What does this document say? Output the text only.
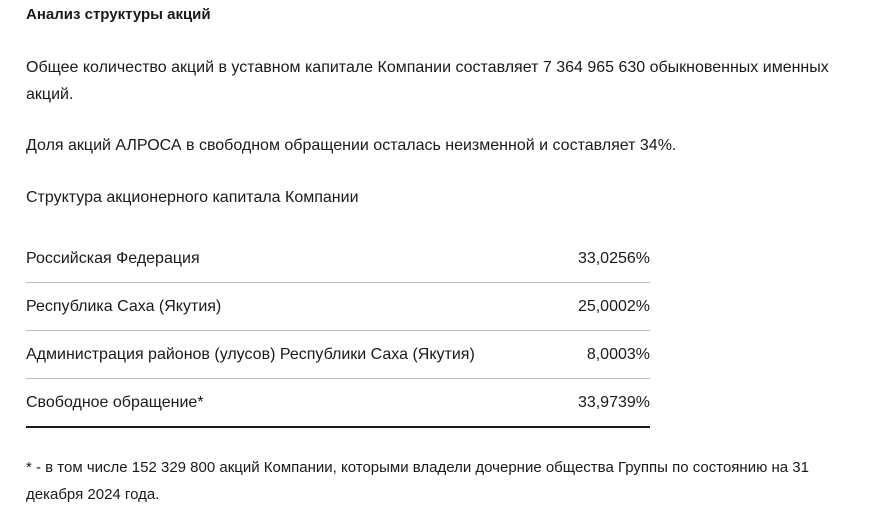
Анализ структуры акций
Общее количество акций в уставном капитале Компании составляет 7 364 965 630 обыкновенных именных акций.
Доля акций АЛРОСА в свободном обращении осталась неизменной и составляет 34%.
Структура акционерного капитала Компании
Российская Федерация	33,0256%
Республика Саха (Якутия)	25,0002%
Администрация районов (улусов) Республики Саха (Якутия)	8,0003%
Свободное обращение*	33,9739%
* - в том числе 152 329 800 акций Компании, которыми владели дочерние общества Группы по состоянию на 31 декабря 2024 года.
